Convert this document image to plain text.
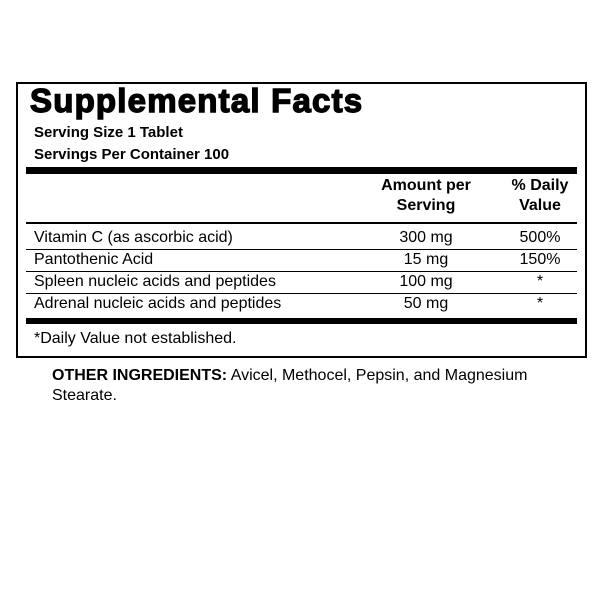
Supplemental Facts
Serving Size 1 Tablet
Servings Per Container 100
Amount per
Serving
% Daily
Value
Vitamin C (as ascorbic acid)	300 mg	500%
Pantothenic Acid	15 mg	150%
Spleen nucleic acids and peptides	100 mg	*
Adrenal nucleic acids and peptides	50 mg	*
*Daily Value not established.
OTHER INGREDIENTS: Avicel, Methocel, Pepsin, and Magnesium Stearate.
